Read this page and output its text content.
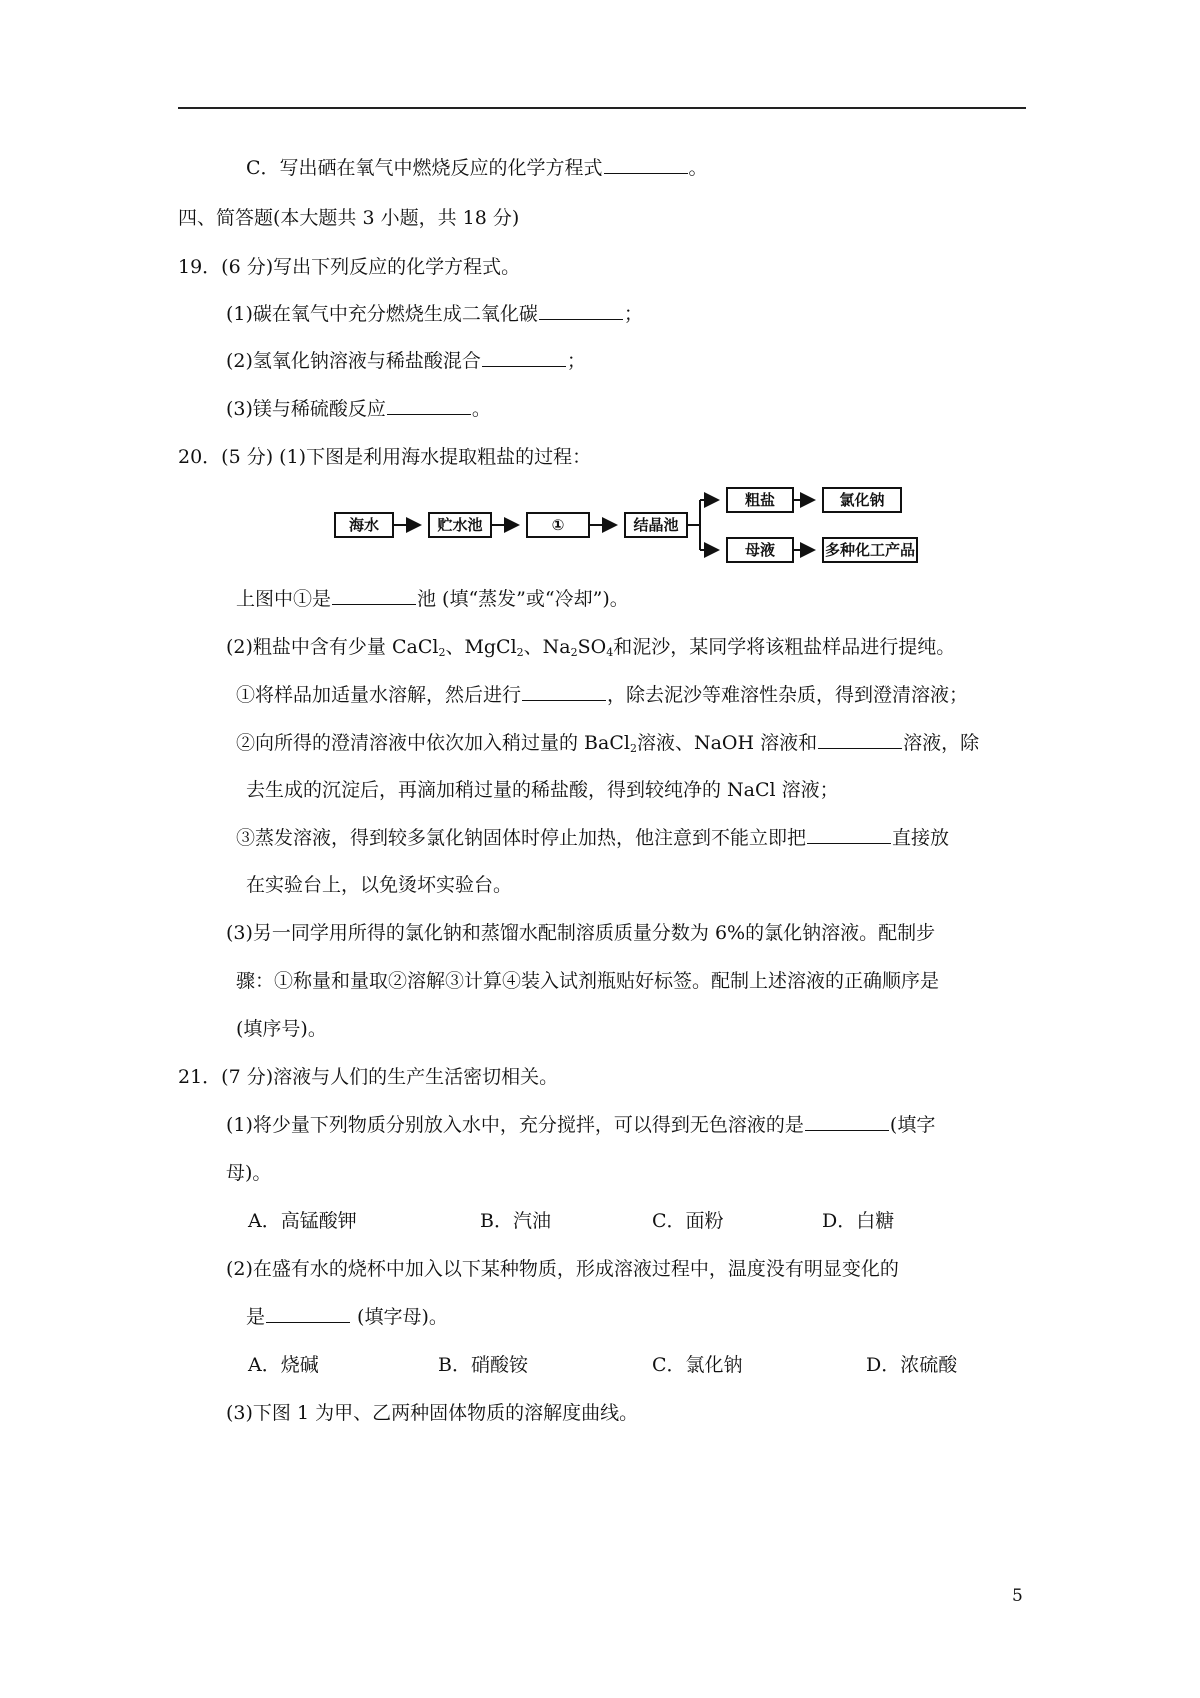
C．写出硒在氧气中燃烧反应的化学方程式	。
四、简答题(本大题共 3 小题，共 18 分)
19．(6 分)写出下列反应的化学方程式。
(1)碳在氧气中充分燃烧生成二氧化碳	；
(2)氢氧化钠溶液与稀盐酸混合	；
(3)镁与稀硫酸反应	。
20．(5 分) (1)下图是利用海水提取粗盐的过程：
海水	贮水池	①	结晶池
粗盐	氯化钠
母液	多种化工产品
上图中①是	池 (填“蒸发”或“冷却”)。
(2)粗盐中含有少量 CaCl$_2$、MgCl$_2$、$Na_2SO_4$和泥沙，某同学将该粗盐样品进行提纯。
①将样品加适量水溶解，然后进行	，除去泥沙等难溶性杂质，得到澄清溶液；
②向所得的澄清溶液中依次加入稍过量的 BaCl$_2$溶液、NaOH 溶液和	溶液，除
去生成的沉淀后，再滴加稍过量的稀盐酸，得到较纯净的 NaCl 溶液；
③蒸发溶液，得到较多氯化钠固体时停止加热，他注意到不能立即把	直接放
在实验台上，以免烫坏实验台。
(3)另一同学用所得的氯化钠和蒸馏水配制溶质质量分数为 6%的氯化钠溶液。配制步
骤：①称量和量取②溶解③计算④装入试剂瓶贴好标签。配制上述溶液的正确顺序是
(填序号)。
21．(7 分)溶液与人们的生产生活密切相关。
(1)将少量下列物质分别放入水中，充分搅拌，可以得到无色溶液的是	(填字
母)。
A．高锰酸钾	B．汽油	C．面粉	D．白糖
(2)在盛有水的烧杯中加入以下某种物质，形成溶液过程中，温度没有明显变化的
是	(填字母)。
A．烧碱	B．硝酸铵	C．氯化钠	D．浓硫酸
(3)下图 1 为甲、乙两种固体物质的溶解度曲线。
5
